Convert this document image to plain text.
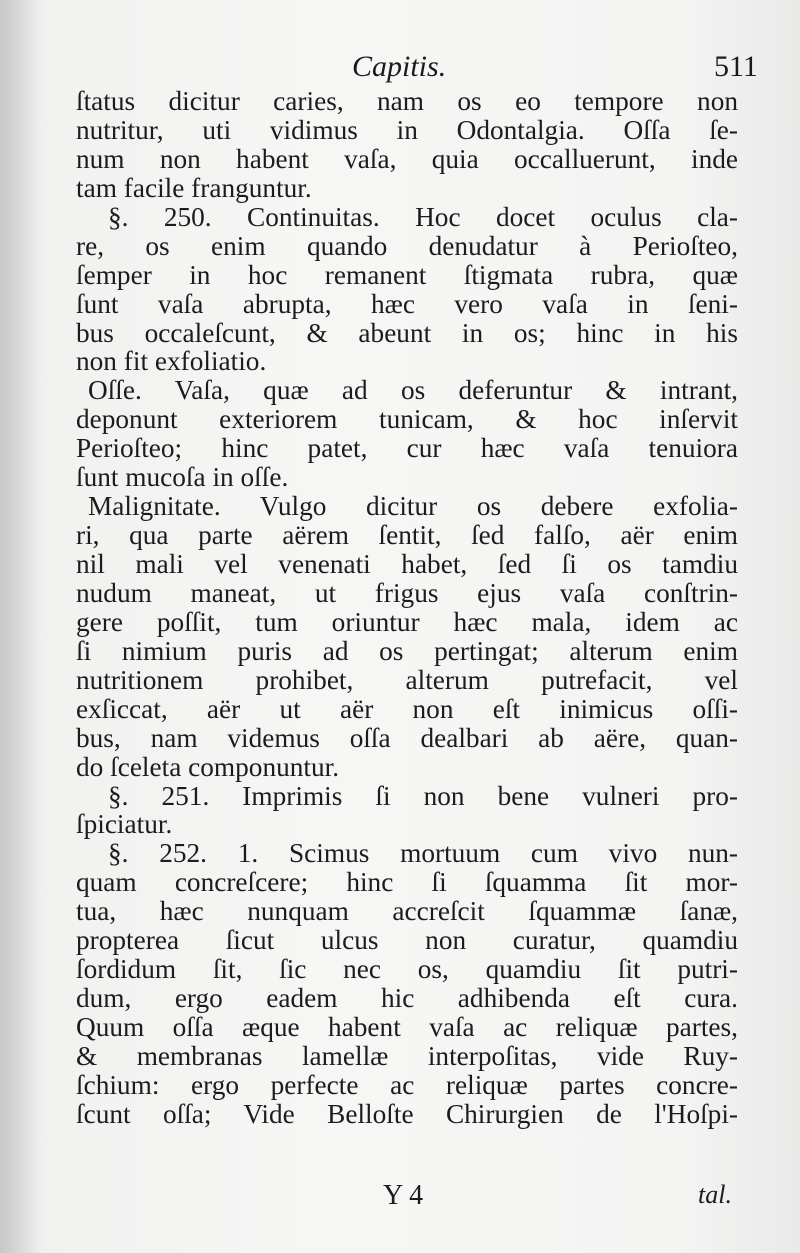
Capitis.	511
ſtatus dicitur caries, nam os eo tempore non
nutritur, uti vidimus in Odontalgia. Oſſa ſe-
num non habent vaſa, quia occalluerunt, inde
tam facile franguntur.
§. 250. Continuitas. Hoc docet oculus cla-
re, os enim quando denudatur à Perioſteo,
ſemper in hoc remanent ſtigmata rubra, quæ
ſunt vaſa abrupta, hæc vero vaſa in ſeni-
bus occaleſcunt, & abeunt in os; hinc in his
non fit exfoliatio.
Oſſe. Vaſa, quæ ad os deferuntur & intrant,
deponunt exteriorem tunicam, & hoc inſervit
Perioſteo; hinc patet, cur hæc vaſa tenuiora
ſunt mucoſa in oſſe.
Malignitate. Vulgo dicitur os debere exfolia-
ri, qua parte aërem ſentit, ſed falſo, aër enim
nil mali vel venenati habet, ſed ſi os tamdiu
nudum maneat, ut frigus ejus vaſa conſtrin-
gere poſſit, tum oriuntur hæc mala, idem ac
ſi nimium puris ad os pertingat; alterum enim
nutritionem prohibet, alterum putrefacit, vel
exſiccat, aër ut aër non eſt inimicus oſſi-
bus, nam videmus oſſa dealbari ab aëre, quan-
do ſceleta componuntur.
§. 251. Imprimis ſi non bene vulneri pro-
ſpiciatur.
§. 252. 1. Scimus mortuum cum vivo nun-
quam concreſcere; hinc ſi ſquamma ſit mor-
tua, hæc nunquam accreſcit ſquammæ ſanæ,
propterea ſicut ulcus non curatur, quamdiu
ſordidum ſit, ſic nec os, quamdiu ſit putri-
dum, ergo eadem hic adhibenda eſt cura.
Quum oſſa æque habent vaſa ac reliquæ partes,
& membranas lamellæ interpoſitas, vide Ruy-
ſchium: ergo perfecte ac reliquæ partes concre-
ſcunt oſſa; Vide Belloſte Chirurgien de l'Hoſpi-
Y 4	tal.
